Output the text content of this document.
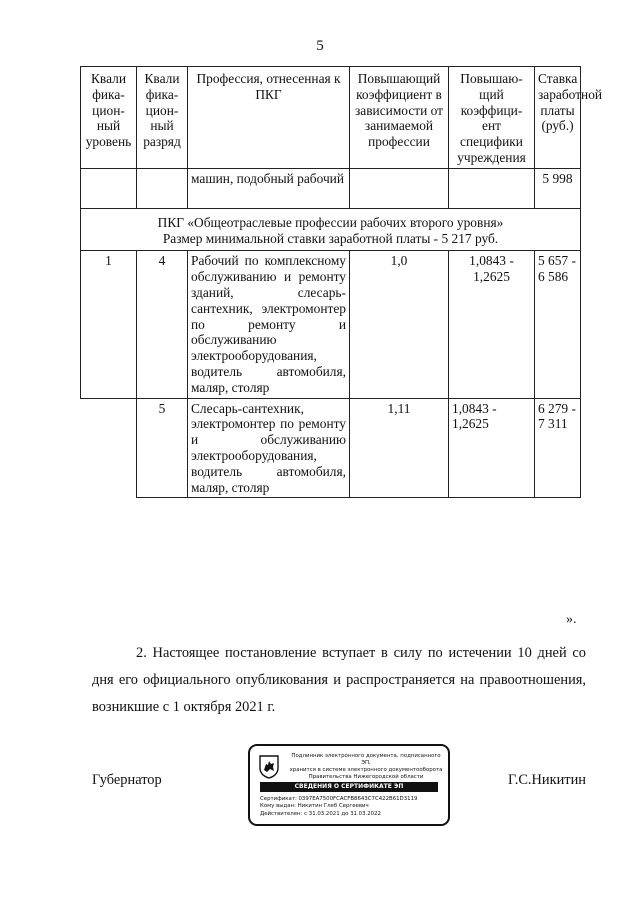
5
Квали фика-цион-ный уровень	Квали фика-цион-ный разряд	Профессия, отнесенная к ПКГ	Повышающий коэффициент в зависимости от занимаемой профессии	Повышаю-щий коэффици-ент специфики учреждения	Ставка заработной платы (руб.)
		машин, подобный рабочий			5 998

ПКГ «Общеотраслевые профессии рабочих второго уровня»
Размер минимальной ставки заработной платы - 5 217 руб.					

1	4	Рабочий по комплексному обслуживанию и ремонту зданий, слесарь-сантехник, электромонтер по ремонту и обслуживанию электрооборудования, водитель автомобиля, маляр, столяр	1,0	1,0843 - 1,2625	5 657 - 6 586
	5	Слесарь-сантехник, электромонтер по ремонту и обслуживанию электрооборудования, водитель автомобиля, маляр, столяр	1,11	1,0843 - 1,2625	6 279 - 7 311
».
2. Настоящее постановление вступает в силу по истечении 10 дней со дня его официального опубликования и распространяется на правоотношения, возникшие с 1 октября 2021 г.
Губернатор	Г.С.Никитин
Подлинник электронного документа, подписанного ЭП,
хранится в системе электронного документооборота
Правительства Нижегородской области
СВЕДЕНИЯ О СЕРТИФИКАТЕ ЭП
Сертификат: 0397EA7500FCACFB8643C7C422B61D3119
Кому выдан: Никитин Глеб Сергеевич
Действителен: с 31.03.2021 до 31.03.2022
